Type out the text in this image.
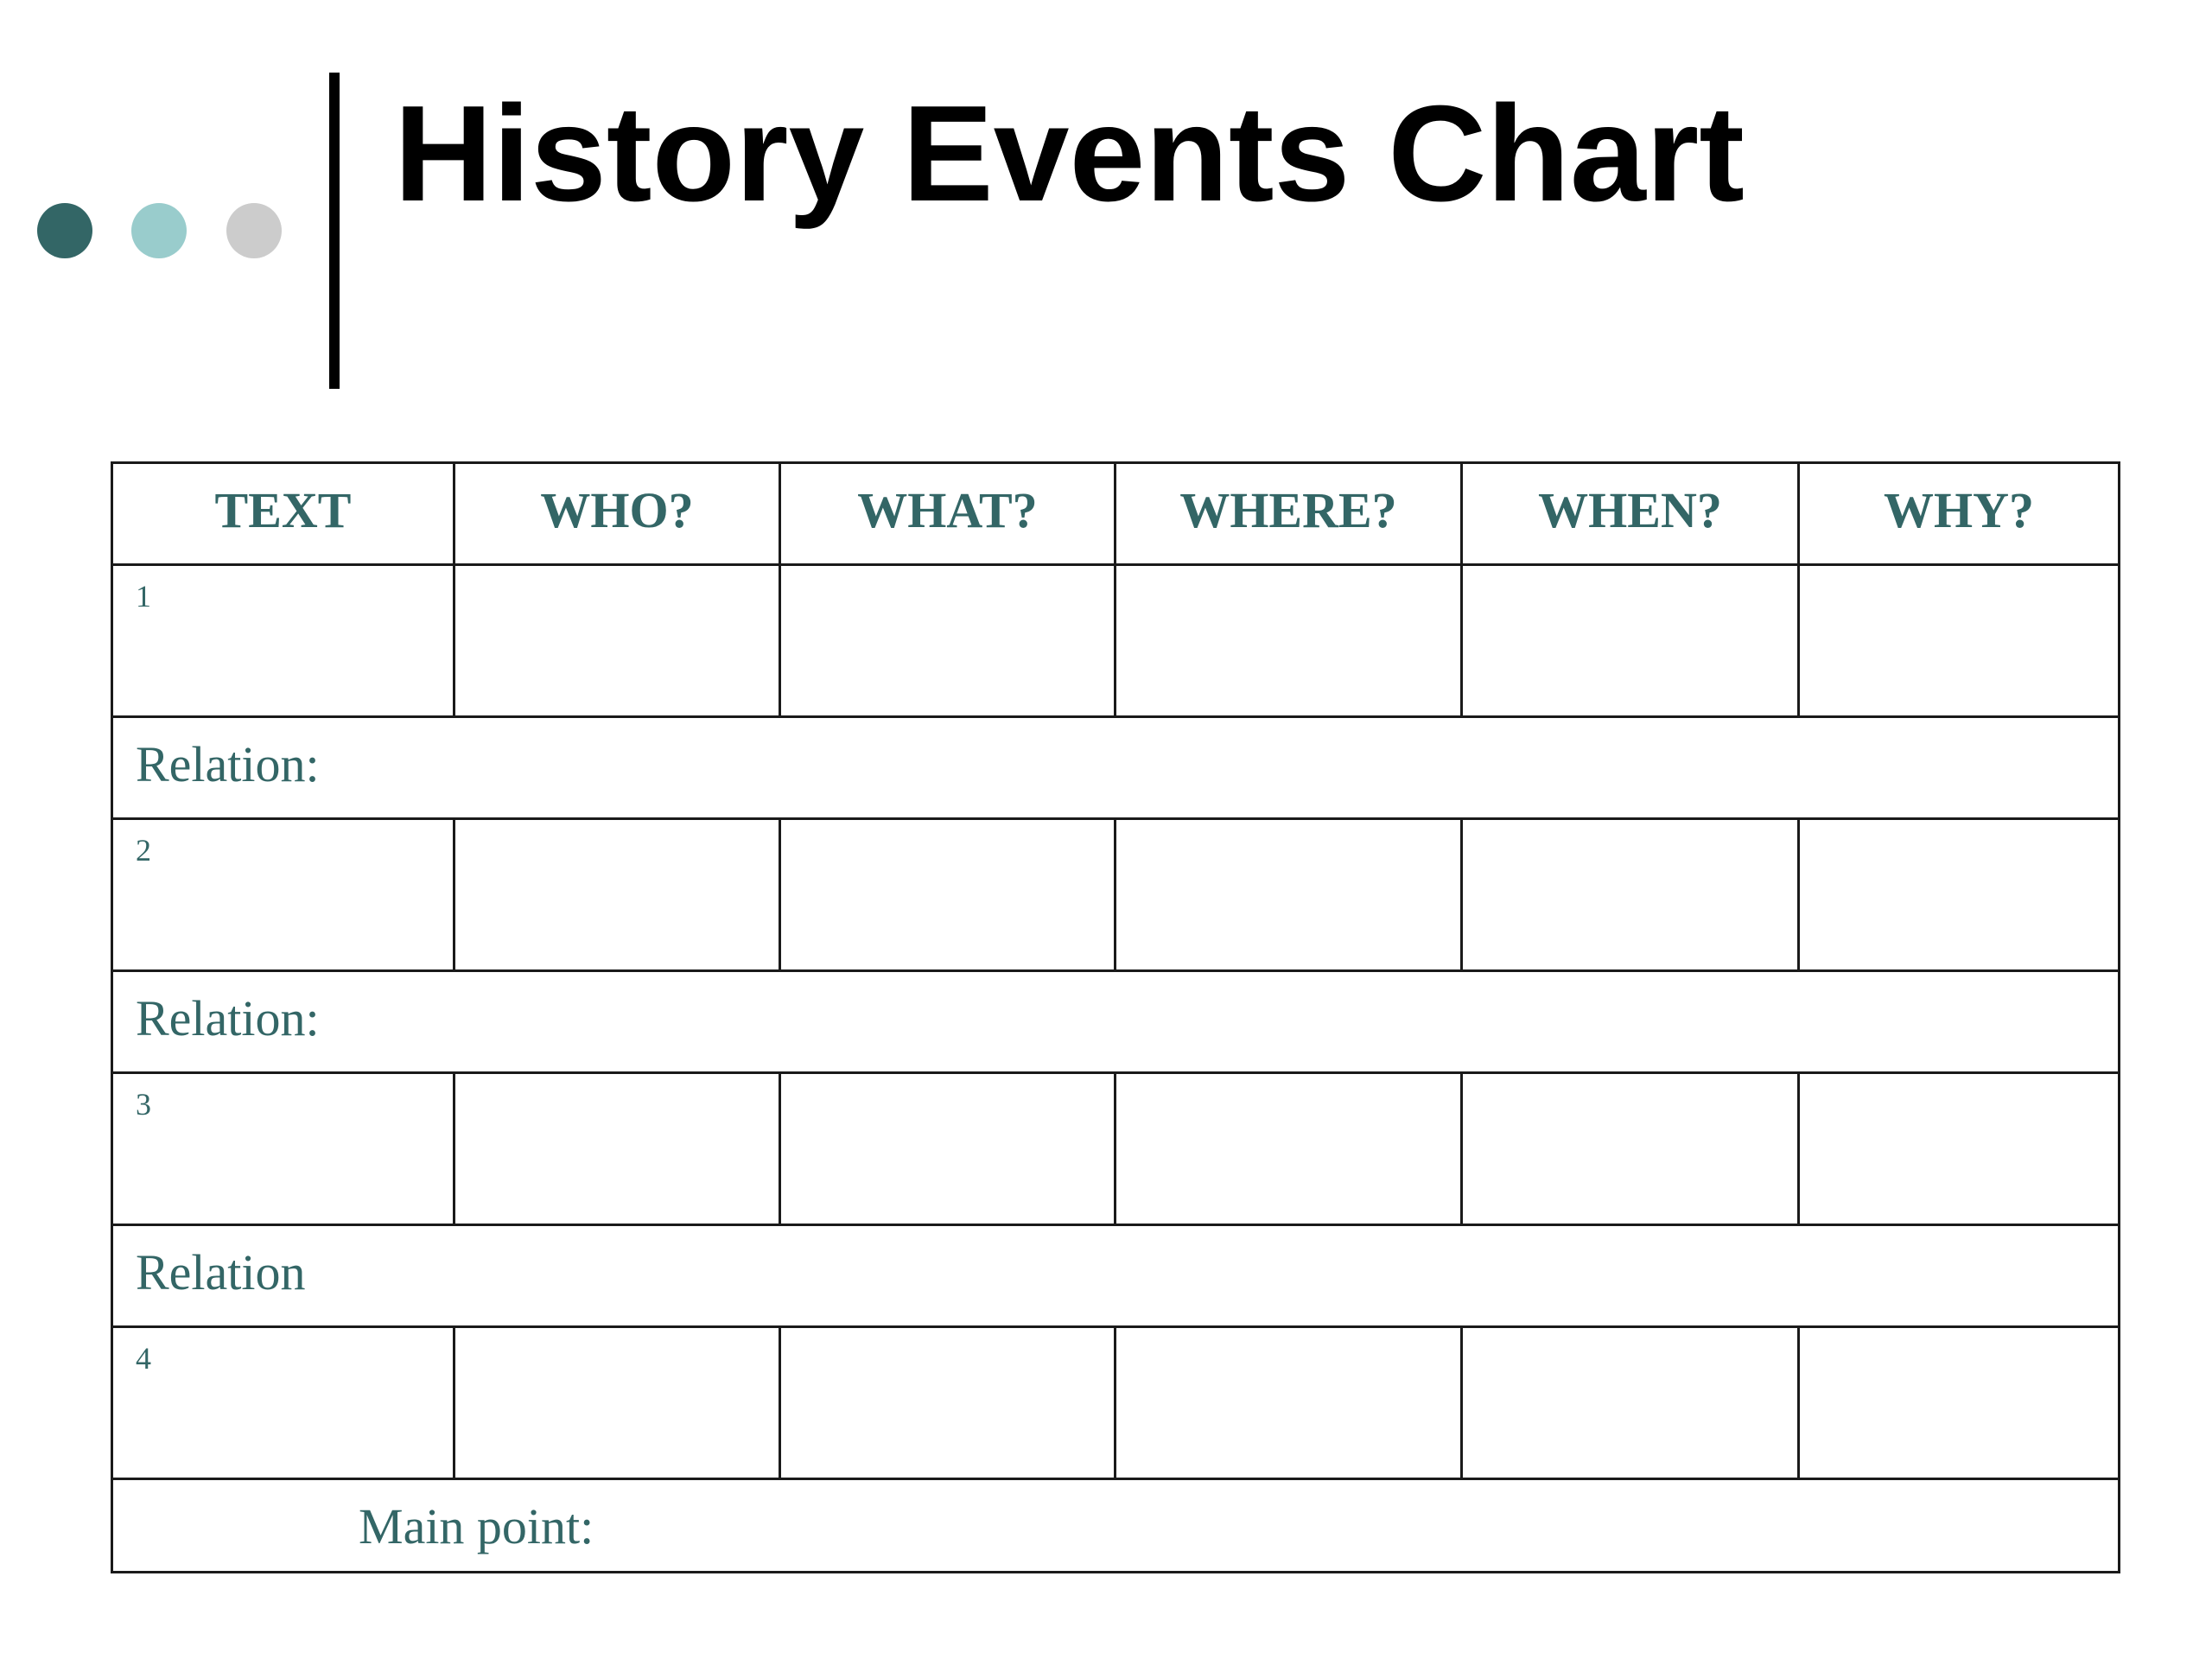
History Events Chart
TEXT	WHO?	WHAT?	WHERE?	WHEN?	WHY?

1					

Relation:					

2					

Relation:					

3					

Relation					

4					

Main point:					
